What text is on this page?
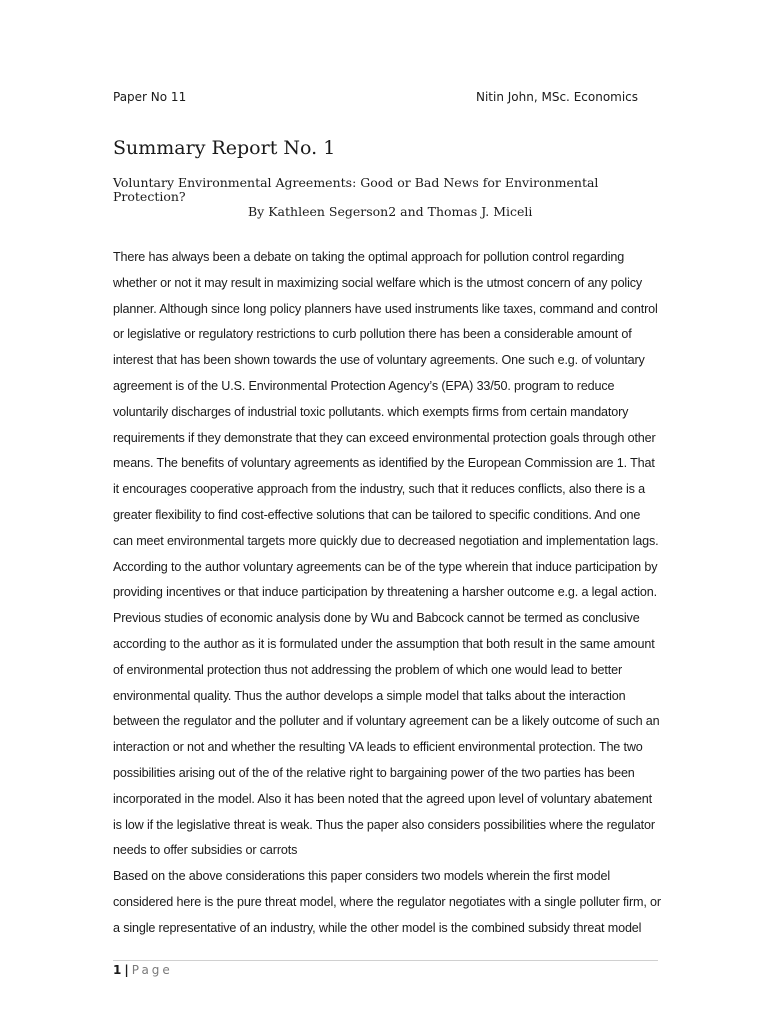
Paper No 11	Nitin John, MSc. Economics
Summary Report No. 1

Voluntary Environmental Agreements: Good or Bad News for Environmental Protection?

By Kathleen Segerson2 and Thomas J. Miceli

There has always been a debate on taking the optimal approach for pollution control regarding whether or not it may result in maximizing social welfare which is the utmost concern of any policy planner. Although since long policy planners have used instruments like taxes, command and control or legislative or regulatory restrictions to curb pollution there has been a considerable amount of interest that has been shown towards the use of voluntary agreements. One such e.g. of voluntary agreement is of the U.S. Environmental Protection Agency’s (EPA) 33/50. program to reduce voluntarily discharges of industrial toxic pollutants. which exempts firms from certain mandatory requirements if they demonstrate that they can exceed environmental protection goals through other means. The benefits of voluntary agreements as identified by the European Commission are 1. That it encourages cooperative approach from the industry, such that it reduces conflicts, also there is a greater flexibility to find cost-effective solutions that can be tailored to specific conditions. And one can meet environmental targets more quickly due to decreased negotiation and implementation lags. According to the author voluntary agreements can be of the type wherein that induce participation by providing incentives or that induce participation by threatening a harsher outcome e.g. a legal action. Previous studies of economic analysis done by Wu and Babcock cannot be termed as conclusive according to the author as it is formulated under the assumption that both result in the same amount of environmental protection thus not addressing the problem of which one would lead to better environmental quality. Thus the author develops a simple model that talks about the interaction between the regulator and the polluter and if voluntary agreement can be a likely outcome of such an interaction or not and whether the resulting VA leads to efficient environmental protection. The two possibilities arising out of the of the relative right to bargaining power of the two parties has been incorporated in the model. Also it has been noted that the agreed upon level of voluntary abatement is low if the legislative threat is weak. Thus the paper also considers possibilities where the regulator needs to offer subsidies or carrots

Based on the above considerations this paper considers two models wherein the first model considered here is the pure threat model, where the regulator negotiates with a single polluter firm, or a single representative of an industry, while the other model is the combined subsidy threat model

1 | Page
